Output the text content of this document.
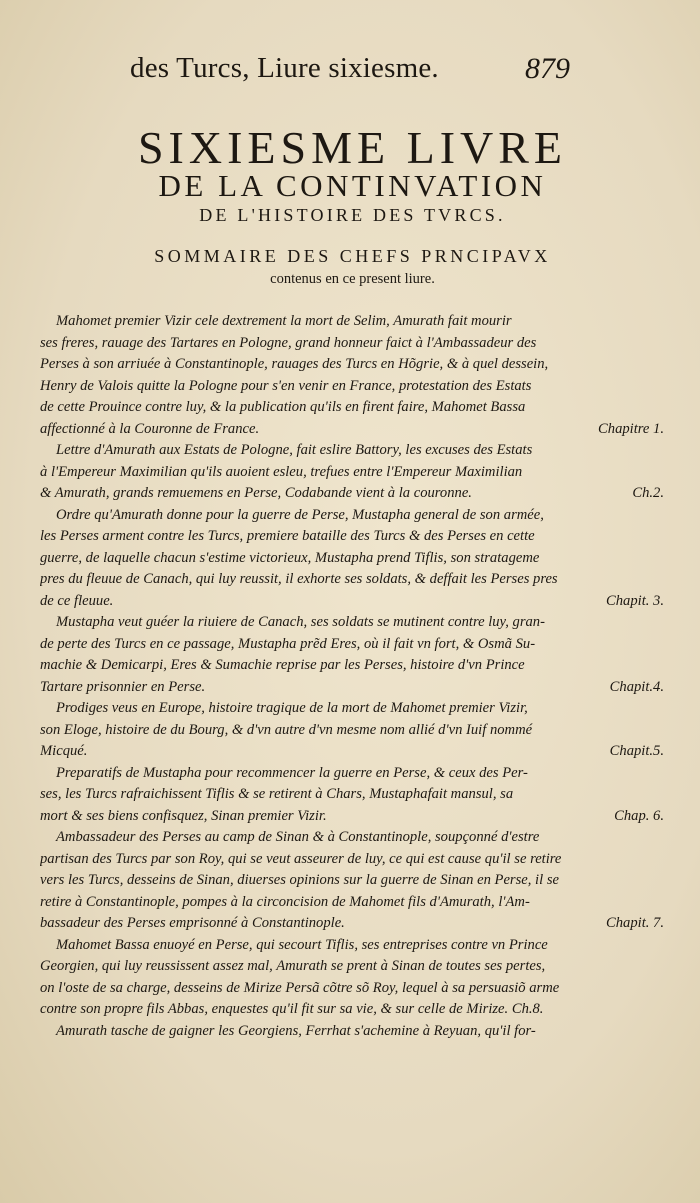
des Turcs, Liure sixiesme.	879
SIXIESME LIVRE
DE LA CONTINVATION
DE L'HISTOIRE DES TVRCS.
SOMMAIRE DES CHEFS PRNCIPAVX
contenus en ce present liure.
Mahomet premier Vizir cele dextrement la mort de Selim, Amurath fait mourir
ses freres, rauage des Tartares en Pologne, grand honneur faict à l'Ambassadeur des
Perses à son arriuée à Constantinople, rauages des Turcs en Hõgrie, & à quel dessein,
Henry de Valois quitte la Pologne pour s'en venir en France, protestation des Estats
de cette Prouince contre luy, & la publication qu'ils en firent faire, Mahomet Bassa
affectionné à la Couronne de France.	Chapitre 1.
Lettre d'Amurath aux Estats de Pologne, fait eslire Battory, les excuses des Estats
à l'Empereur Maximilian qu'ils auoient esleu, trefues entre l'Empereur Maximilian
& Amurath, grands remuemens en Perse, Codabande vient à la couronne.	Ch.2.
Ordre qu'Amurath donne pour la guerre de Perse, Mustapha general de son armée,
les Perses arment contre les Turcs, premiere bataille des Turcs & des Perses en cette
guerre, de laquelle chacun s'estime victorieux, Mustapha prend Tiflis, son stratageme
pres du fleuue de Canach, qui luy reussit, il exhorte ses soldats, & deffait les Perses pres
de ce fleuue.	Chapit. 3.
Mustapha veut guéer la riuiere de Canach, ses soldats se mutinent contre luy, gran-
de perte des Turcs en ce passage, Mustapha prẽd Eres, où il fait vn fort, & Osmã Su-
machie & Demicarpi, Eres & Sumachie reprise par les Perses, histoire d'vn Prince
Tartare prisonnier en Perse.	Chapit.4.
Prodiges veus en Europe, histoire tragique de la mort de Mahomet premier Vizir,
son Eloge, histoire de du Bourg, & d'vn autre d'vn mesme nom allié d'vn Iuif nommé
Micqué.	Chapit.5.
Preparatifs de Mustapha pour recommencer la guerre en Perse, & ceux des Per-
ses, les Turcs rafraichissent Tiflis & se retirent à Chars, Mustaphafait mansul, sa
mort & ses biens confisquez, Sinan premier Vizir.	Chap. 6.
Ambassadeur des Perses au camp de Sinan & à Constantinople, soupçonné d'estre
partisan des Turcs par son Roy, qui se veut asseurer de luy, ce qui est cause qu'il se retire
vers les Turcs, desseins de Sinan, diuerses opinions sur la guerre de Sinan en Perse, il se
retire à Constantinople, pompes à la circoncision de Mahomet fils d'Amurath, l'Am-
bassadeur des Perses emprisonné à Constantinople.	Chapit. 7.
Mahomet Bassa enuoyé en Perse, qui secourt Tiflis, ses entreprises contre vn Prince
Georgien, qui luy reussissent assez mal, Amurath se prent à Sinan de toutes ses pertes,
on l'oste de sa charge, desseins de Mirize Persã cõtre sõ Roy, lequel à sa persuasiõ arme
contre son propre fils Abbas, enquestes qu'il fit sur sa vie, & sur celle de Mirize. Ch.8.
Amurath tasche de gaigner les Georgiens, Ferrhat s'achemine à Reyuan, qu'il for-
